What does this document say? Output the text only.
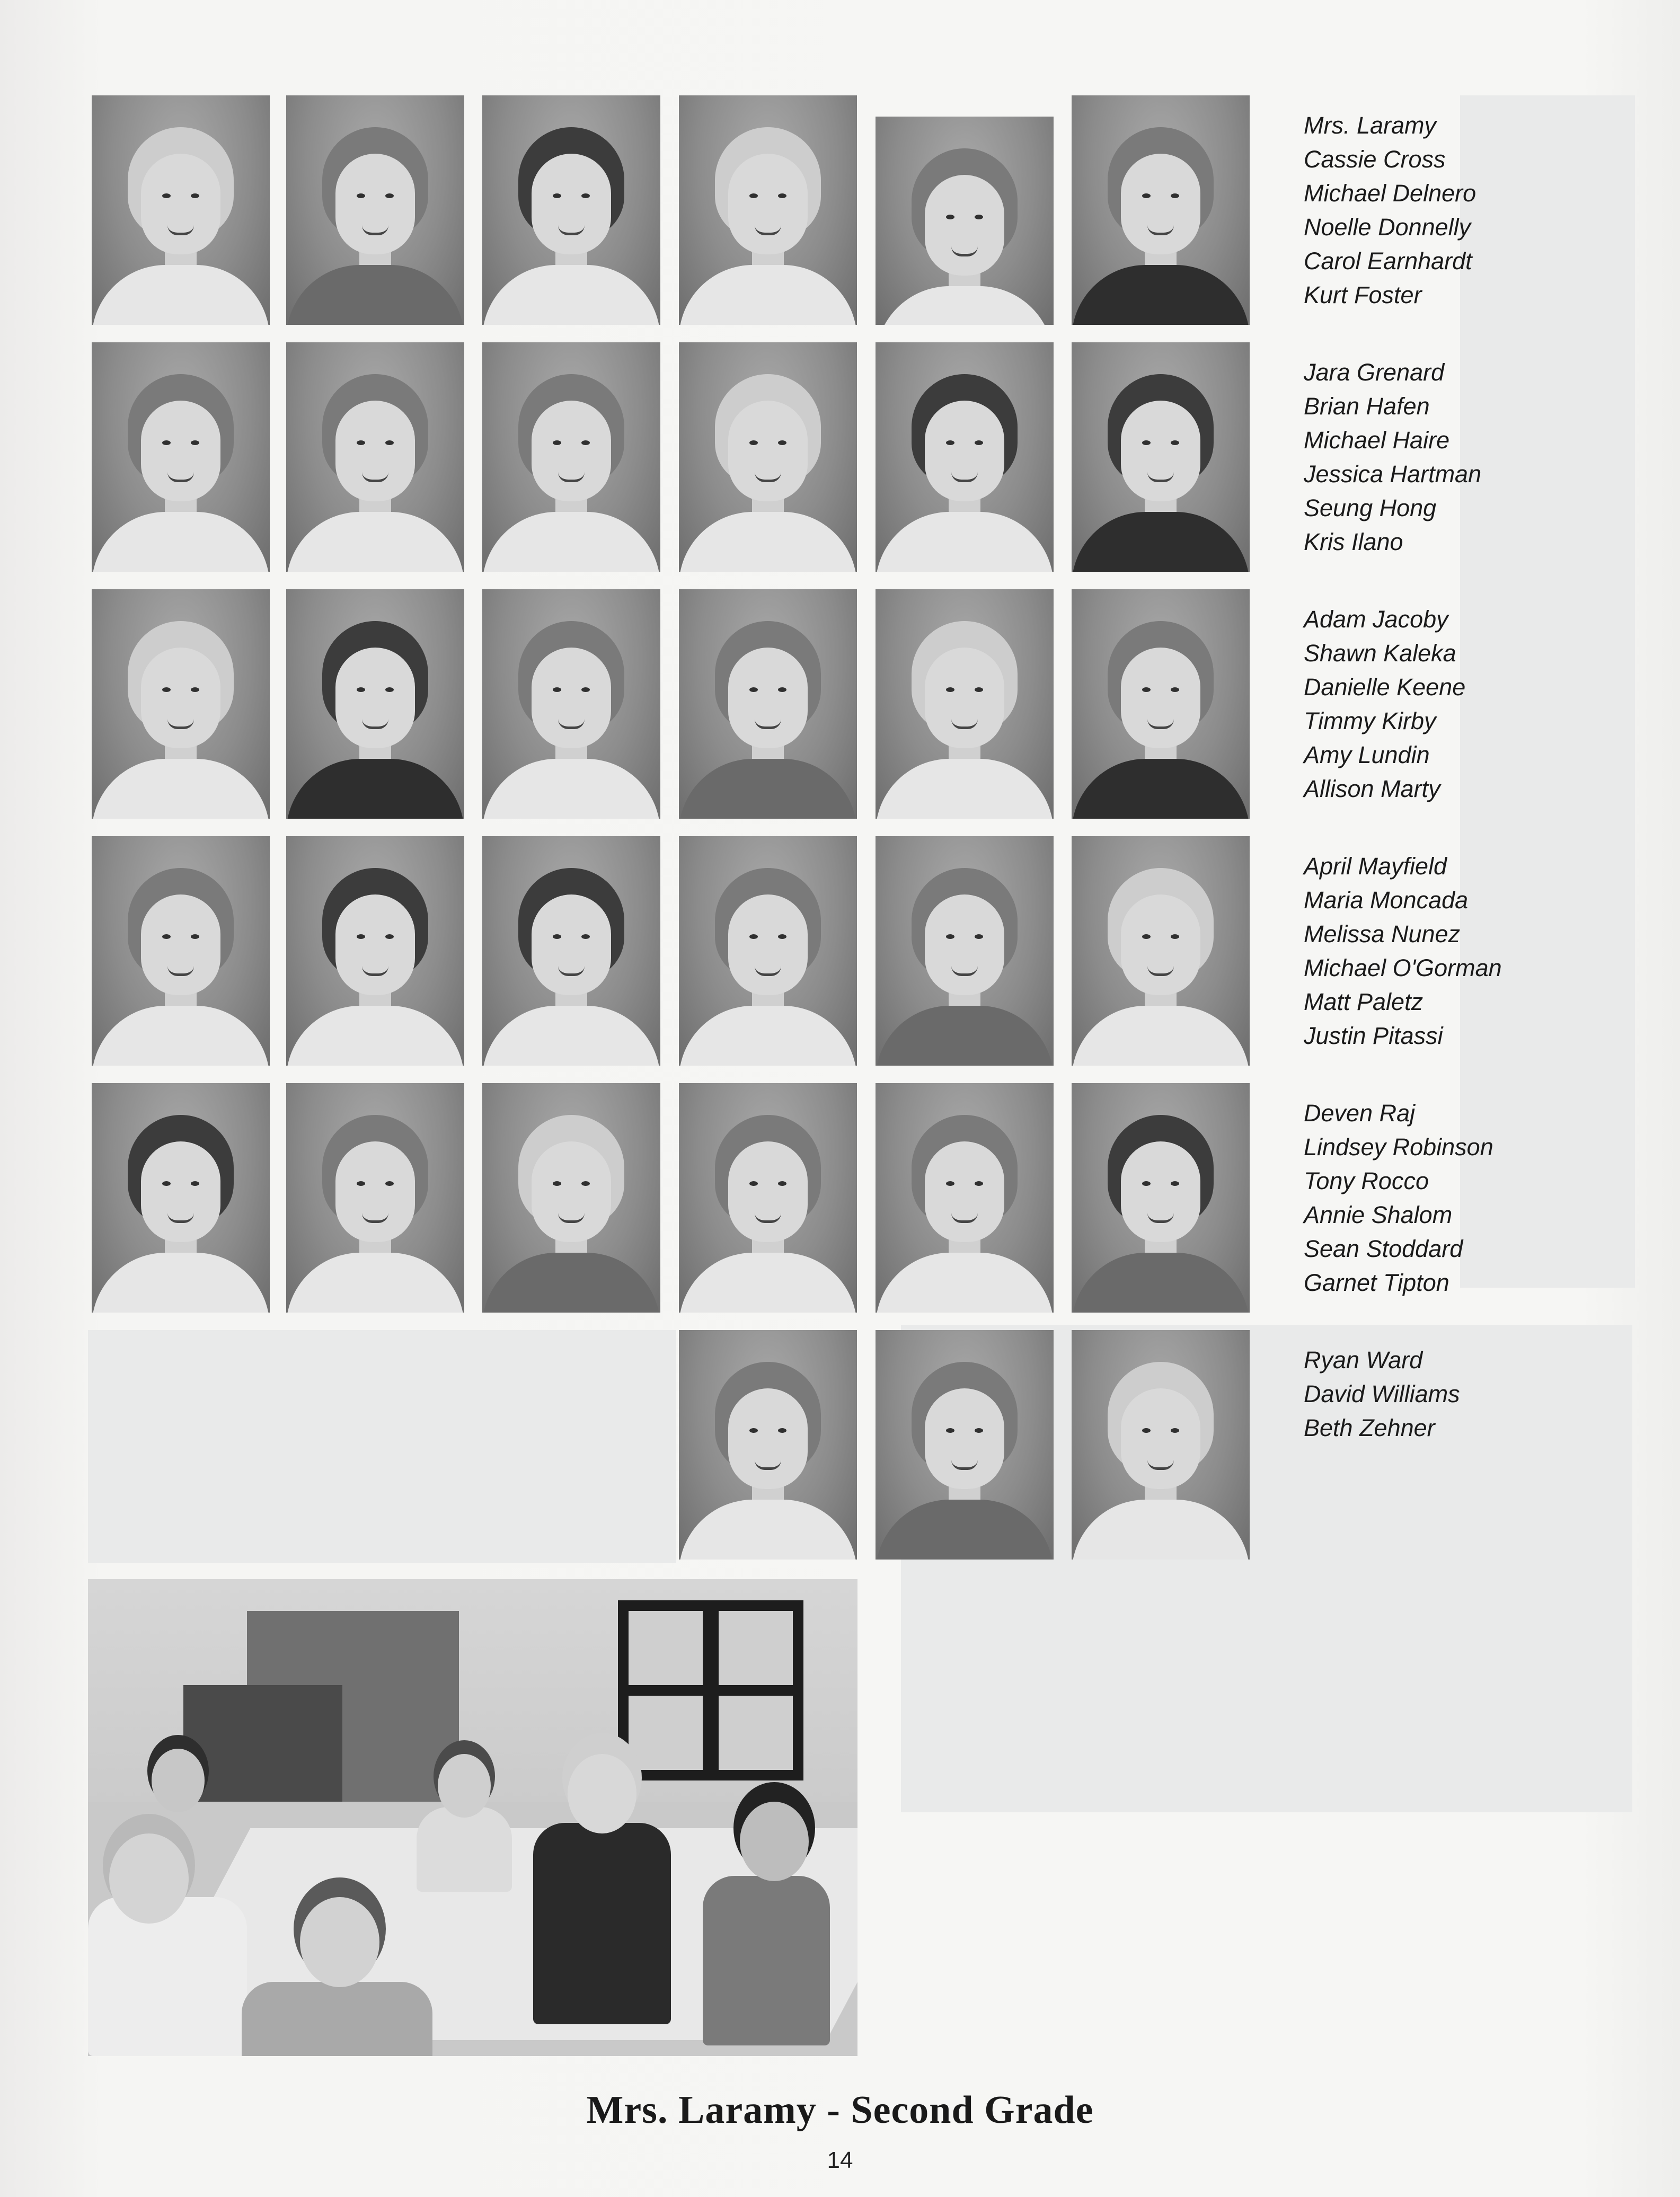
Mrs. Laramy
Cassie Cross
Michael Delnero
Noelle Donnelly
Carol Earnhardt
Kurt Foster
Jara Grenard
Brian Hafen
Michael Haire
Jessica Hartman
Seung Hong
Kris Ilano
Adam Jacoby
Shawn Kaleka
Danielle Keene
Timmy Kirby
Amy Lundin
Allison Marty
April Mayfield
Maria Moncada
Melissa Nunez
Michael O'Gorman
Matt Paletz
Justin Pitassi
Deven Raj
Lindsey Robinson
Tony Rocco
Annie Shalom
Sean Stoddard
Garnet Tipton
Ryan Ward
David Williams
Beth Zehner
Mrs. Laramy - Second Grade
14
